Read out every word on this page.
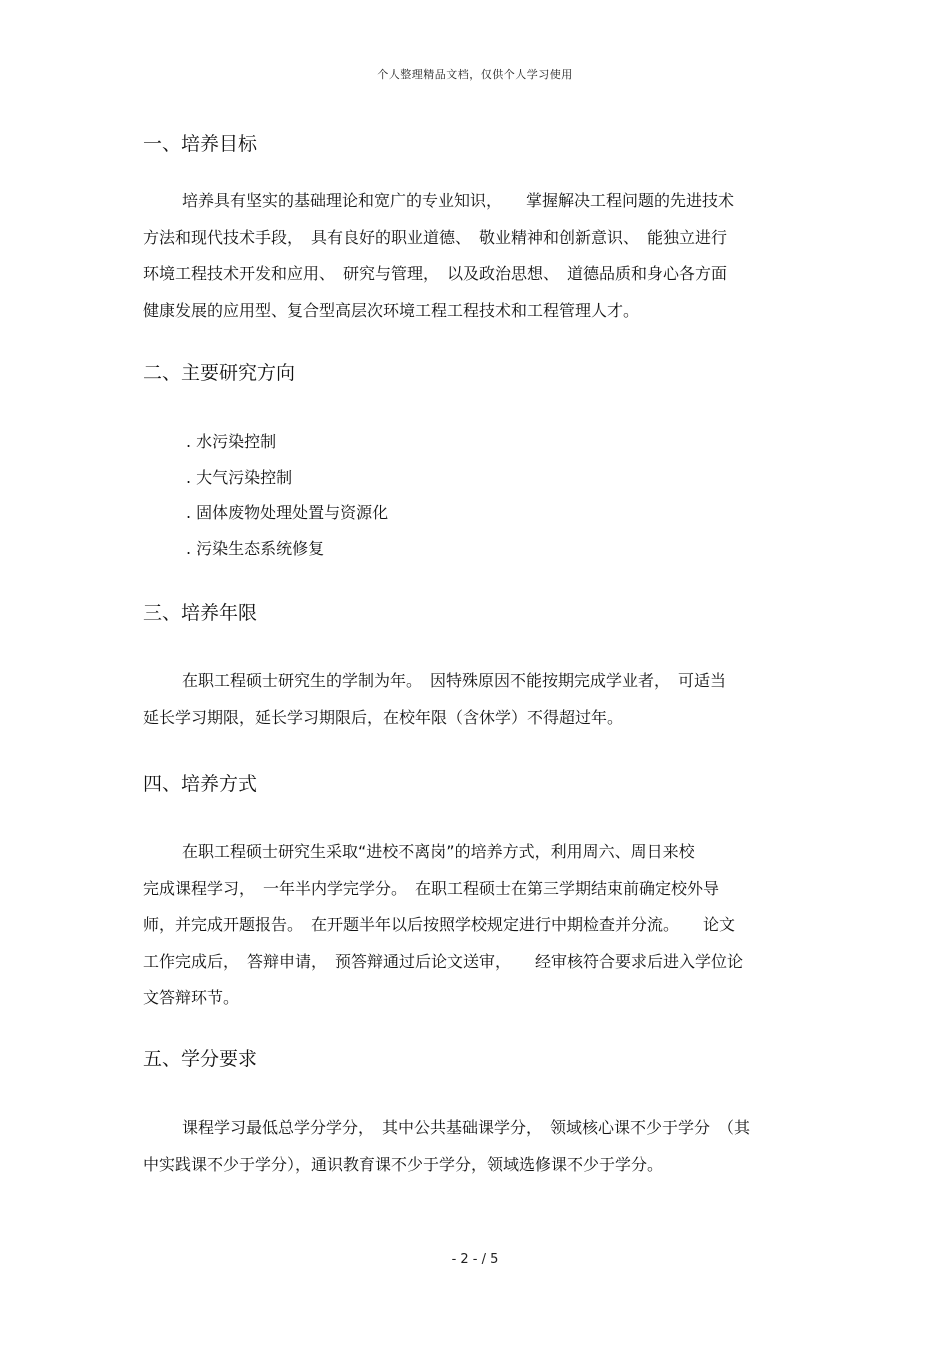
个人整理精品文档，仅供个人学习使用
一、培养目标
培养具有坚实的基础理论和宽广的专业知识，　　掌握解决工程问题的先进技术
方法和现代技术手段，　具有良好的职业道德、　敬业精神和创新意识、　能独立进行
环境工程技术开发和应用、　研究与管理，　以及政治思想、　道德品质和身心各方面
健康发展的应用型、复合型高层次环境工程工程技术和工程管理人才。
二、主要研究方向
. 水污染控制
. 大气污染控制
. 固体废物处理处置与资源化
. 污染生态系统修复
三、培养年限
在职工程硕士研究生的学制为年。　因特殊原因不能按期完成学业者，　可适当
延长学习期限，延长学习期限后，在校年限（含休学）不得超过年。
四、培养方式
在职工程硕士研究生采取“进校不离岗”的培养方式，利用周六、周日来校
完成课程学习，　一年半内学完学分。　在职工程硕士在第三学期结束前确定校外导
师，并完成开题报告。　在开题半年以后按照学校规定进行中期检查并分流。　　论文
工作完成后，　答辩申请，　预答辩通过后论文送审，　　经审核符合要求后进入学位论
文答辩环节。
五、学分要求
课程学习最低总学分学分，　其中公共基础课学分，　领域核心课不少于学分　（其
中实践课不少于学分），通识教育课不少于学分，领域选修课不少于学分。
- 2 - / 5
